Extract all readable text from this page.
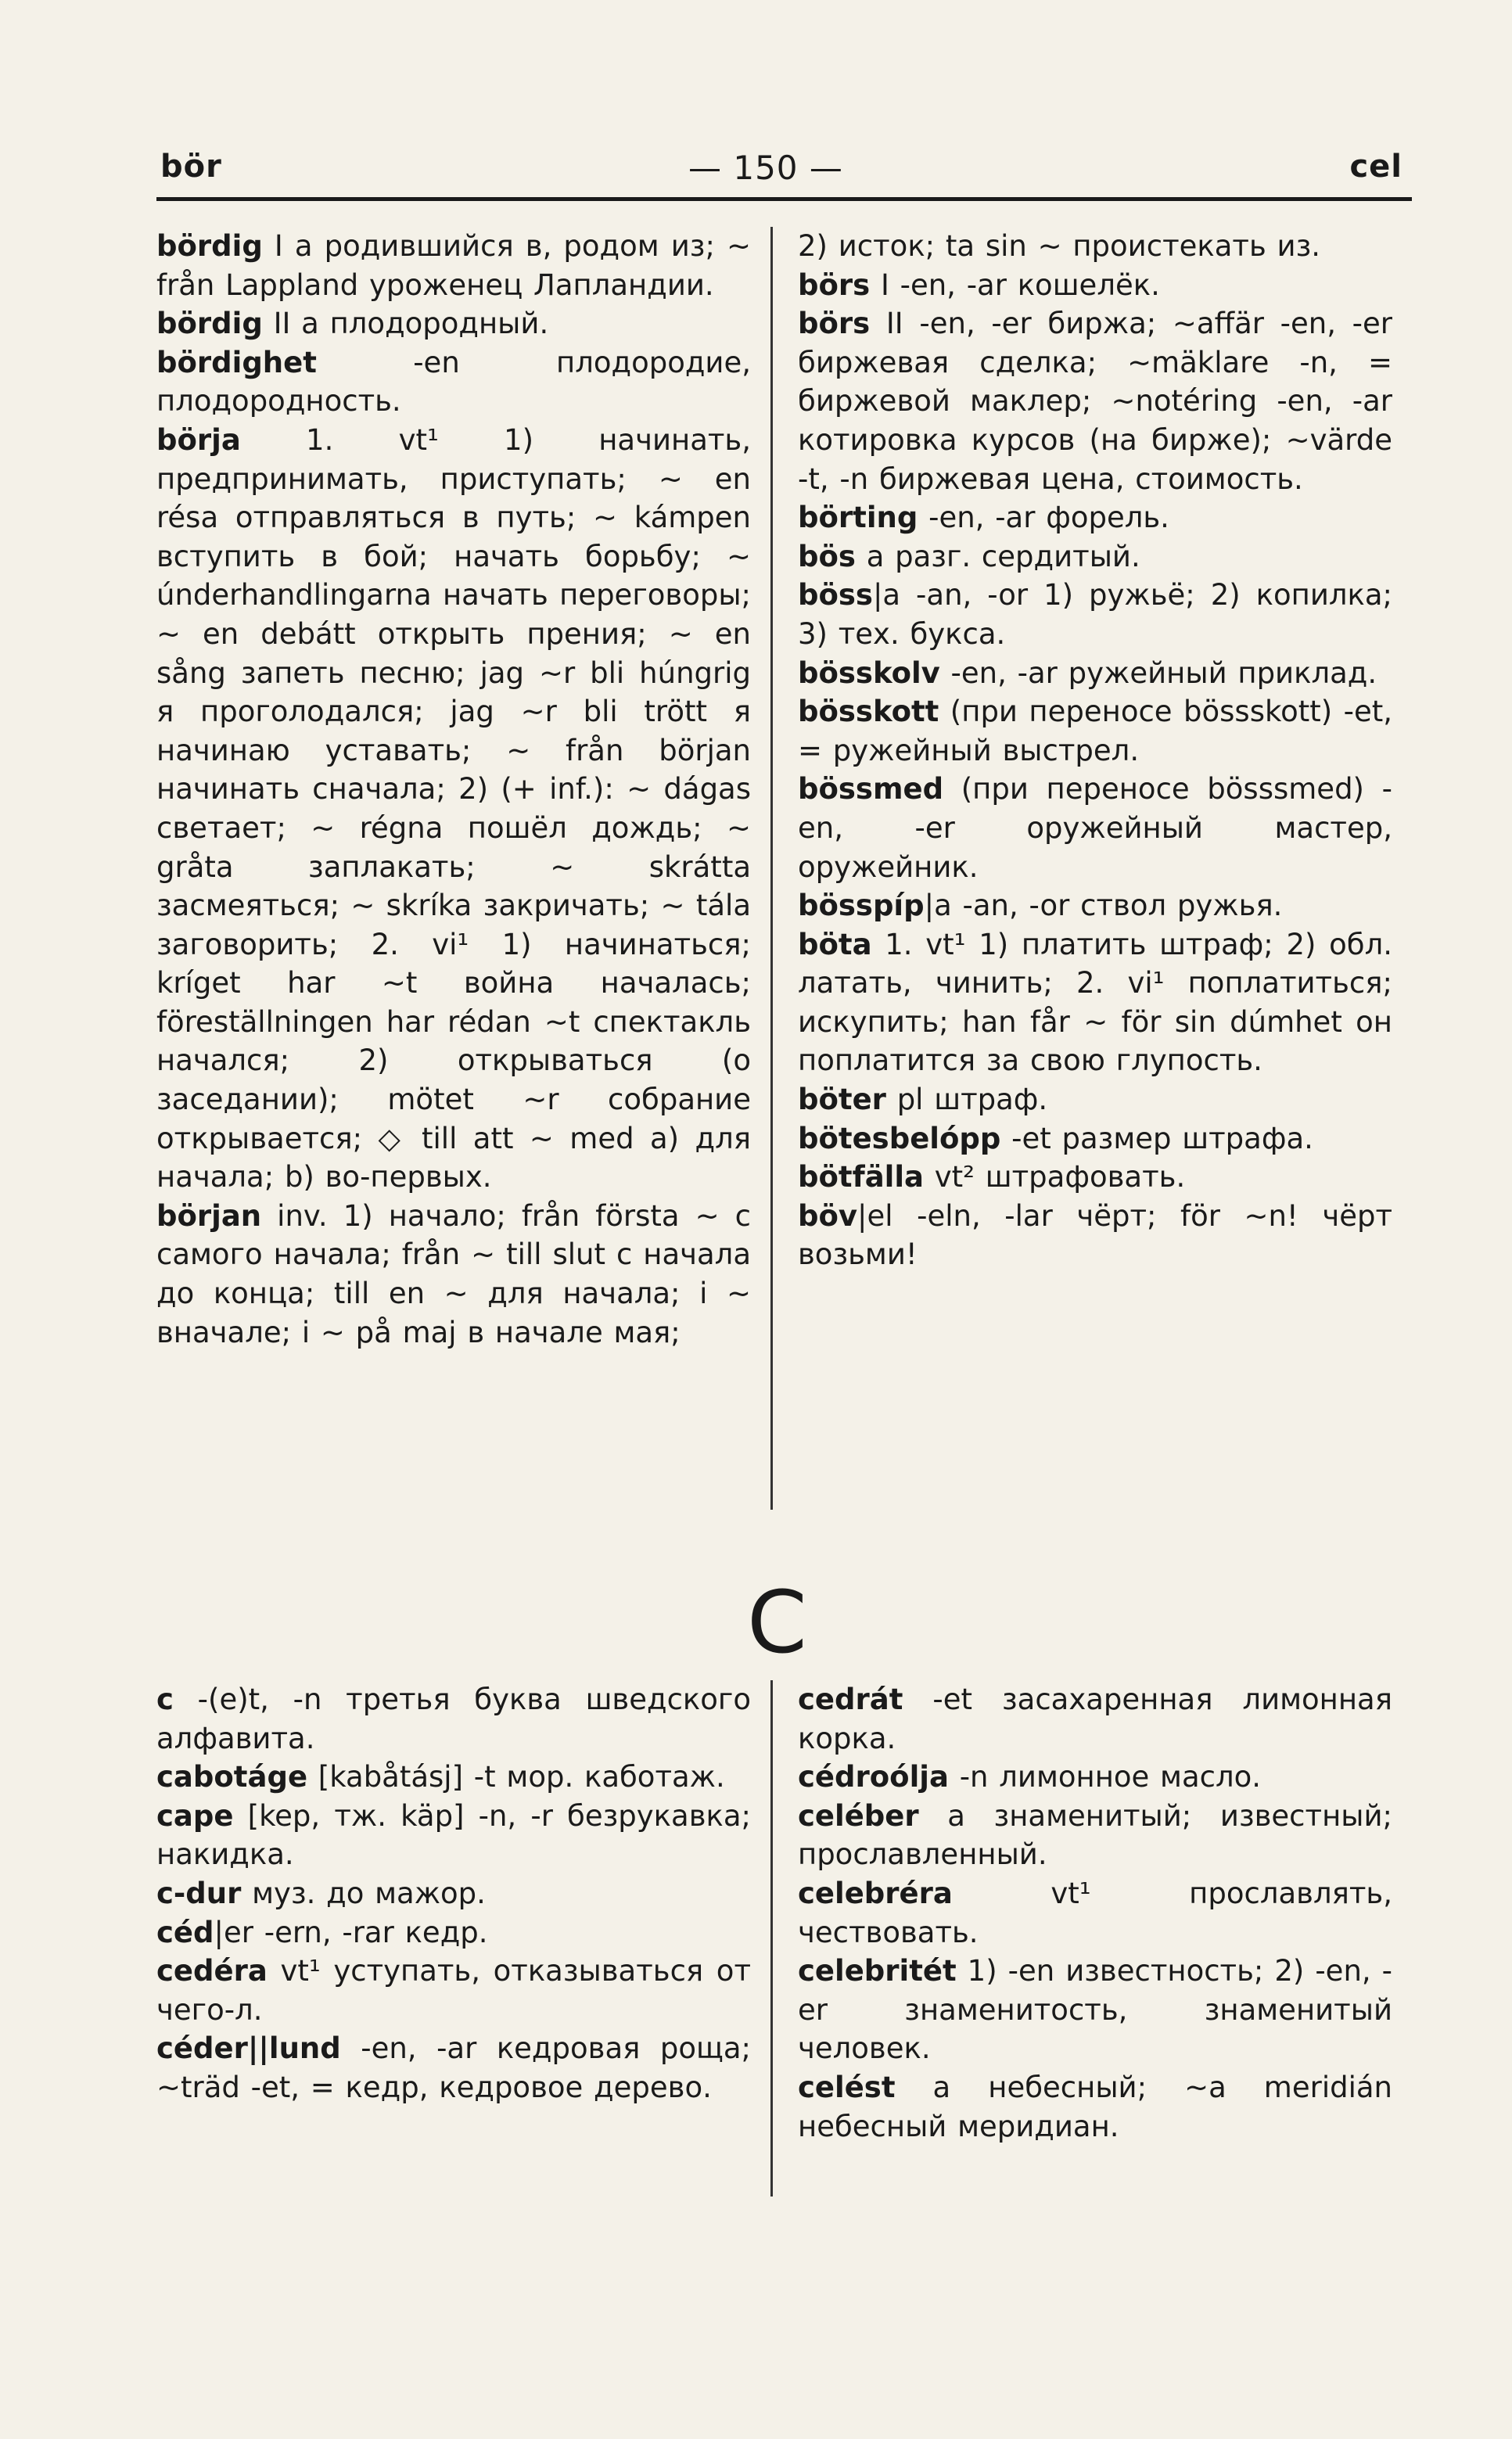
bör	— 150 —	cel

bördig I a родившийся в, родом из; ~ från Lappland уроженец Лапландии.

bördig II a плодородный.

bördighet -en плодородие, плодородность.

börja 1. vt¹ 1) начинать, предпринимать, приступать; ~ en résa отправляться в путь; ~ kámpen вступить в бой; начать борьбу; ~ únderhandlingarna начать переговоры; ~ en debátt открыть прения; ~ en sång запеть песню; jag ~r bli húngrig я проголодался; jag ~r bli trött я начинаю уставать; ~ från början начинать сначала; 2) (+ inf.): ~ dágas светает; ~ régna пошёл дождь; ~ gråta заплакать; ~ skrátta засмеяться; ~ skríka закричать; ~ tála заговорить; 2. vi¹ 1) начинаться; kríget har ~t война началась; föreställningen har rédan ~t спектакль начался; 2) открываться (о заседании); mötet ~r собрание открывается; ◇ till att ~ med a) для начала; b) во-первых.

början inv. 1) начало; från första ~ с самого начала; från ~ till slut с начала до конца; till en ~ для начала; i ~ вначале; i ~ på maj в начале мая;

2) исток; ta sin ~ проистекать из.

börs I -en, -ar кошелёк.

börs II -en, -er биржа; ~affär -en, -er биржевая сделка; ~mäklare -n, = биржевой маклер; ~notéring -en, -ar котировка курсов (на бирже); ~värde -t, -n биржевая цена, стоимость.

börting -en, -ar форель.

bös a разг. сердитый.

böss|a -an, -or 1) ружьё; 2) копилка; 3) тех. букса.

bösskolv -en, -ar ружейный приклад.

bösskott (при переносе bössskott) -et, = ружейный выстрел.

bössmed (при переносе bösssmed) -en, -er оружейный мастер, оружейник.

bösspíp|a -an, -or ствол ружья.

böta 1. vt¹ 1) платить штраф; 2) обл. латать, чинить; 2. vi¹ поплатиться; искупить; han får ~ för sin dúmhet он поплатится за свою глупость.

böter pl штраф.

bötesbelópp -et размер штрафа.

bötfälla vt² штрафовать.

böv|el -eln, -lar чёрт; för ~n! чёрт возьми!

C

c -(e)t, -n третья буква шведского алфавита.

cabotáge [kabåtásj] -t мор. каботаж.

cape [kep, тж. käp] -n, -r безрукавка; накидка.

c-dur муз. до мажор.

céd|er -ern, -rar кедр.

cedéra vt¹ уступать, отказываться от чего-л.

céder||lund -en, -ar кедровая роща; ~träd -et, = кедр, кедровое дерево.

cedrát -et засахаренная лимонная корка.

cédroólja -n лимонное масло.

celéber a знаменитый; известный; прославленный.

celebréra vt¹ прославлять, чествовать.

celebritét 1) -en известность; 2) -en, -er знаменитость, знаменитый человек.

celést a небесный; ~a meridián небесный меридиан.
